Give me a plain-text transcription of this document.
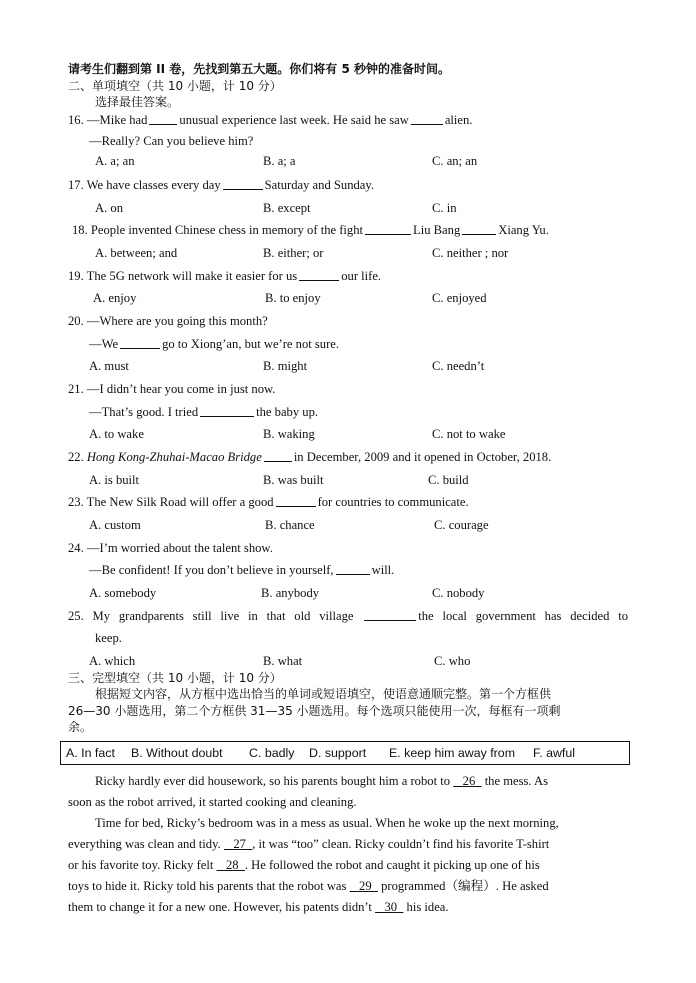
请考生们翻到第 II 卷，先找到第五大题。你们将有 5 秒钟的准备时间。
二、单项填空（共 10 小题，计 10 分）
选择最佳答案。
16. —Mike had	unusual experience last week. He said he saw	alien.
—Really? Can you believe him?
A. a; an	B. a; a	C. an; an
17. We have classes every day	Saturday and Sunday.
A. on	B. except	C. in
18. People invented Chinese chess in memory of the fight	Liu Bang	Xiang Yu.
A. between; and	B. either; or	C. neither ; nor
19. The 5G network will make it easier for us	our life.
A. enjoy	B. to enjoy	C. enjoyed
20. —Where are you going this month?
—We	go to Xiong’an, but we’re not sure.
A. must	B. might	C. needn’t
21. —I didn’t hear you come in just now.
—That’s good. I tried	the baby up.
A. to wake	B. waking	C. not to wake
22. Hong Kong-Zhuhai-Macao Bridge	in December, 2009 and it opened in October, 2018.
A. is built	B. was built	C. build
23. The New Silk Road will offer a good	for countries to communicate.
A. custom	B. chance	C. courage
24. —I’m worried about the talent show.
—Be confident! If you don’t believe in yourself,	will.
A. somebody	B. anybody	C. nobody
25. My grandparents still live in that old village	the local government has decided to
keep.
A. which	B. what	C. who
三、完型填空（共 10 小题，计 10 分）
根据短文内容，从方框中选出恰当的单词或短语填空，使语意通顺完整。第一个方框供
26—30 小题选用，第二个方框供 31—35 小题选用。每个选项只能使用一次，每框有一项剩
余。
A. In fact B. Without doubt C. badly D. support E. keep him away from F. awful
Ricky hardly ever did housework, so his parents bought him a robot to 26 the mess. As
soon as the robot arrived, it started cooking and cleaning.
Time for bed, Ricky’s bedroom was in a mess as usual. When he woke up the next morning,
everything was clean and tidy. 27 , it was “too” clean. Ricky couldn’t find his favorite T-shirt
or his favorite toy. Ricky felt 28 . He followed the robot and caught it picking up one of his
toys to hide it. Ricky told his parents that the robot was 29 programmed（编程）. He asked
them to change it for a new one. However, his patents didn’t 30 his idea.
